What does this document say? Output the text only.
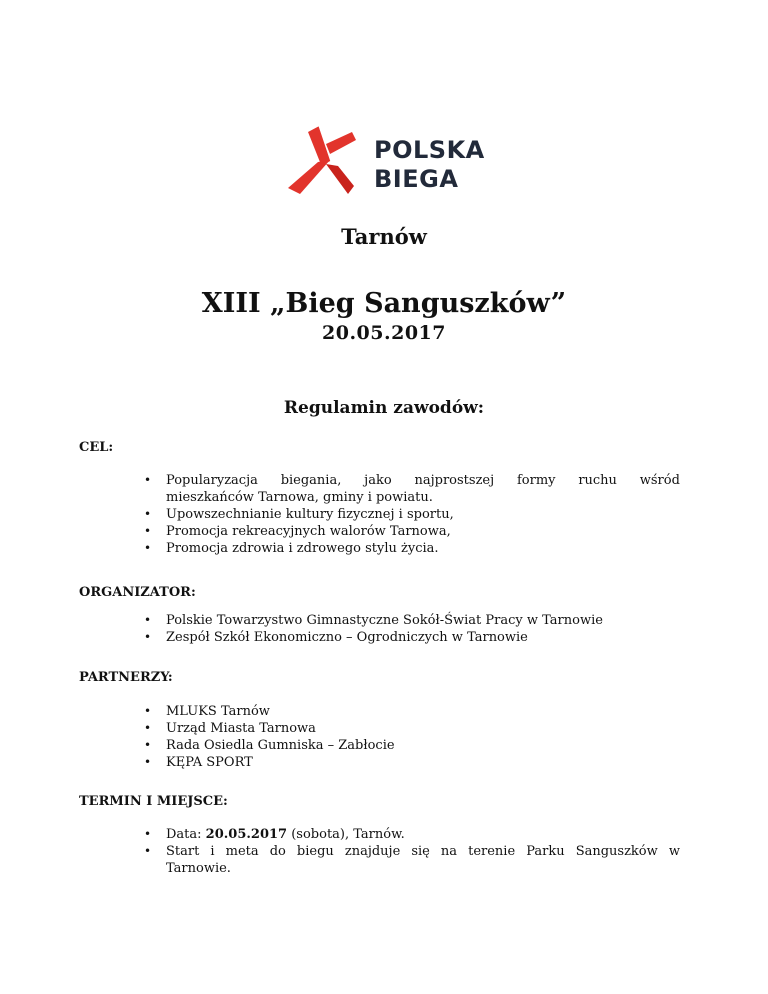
POLSKA
BIEGA
Tarnów
XIII „Bieg Sanguszków”
20.05.2017
Regulamin zawodów:
CEL:
• Popularyzacja biegania, jako najprostszej formy ruchu wśród
mieszkańców Tarnowa, gminy i powiatu.
• Upowszechnianie kultury fizycznej i sportu,
• Promocja rekreacyjnych walorów Tarnowa,
• Promocja zdrowia i zdrowego stylu życia.
ORGANIZATOR:
• Polskie Towarzystwo Gimnastyczne Sokół-Świat Pracy w Tarnowie
• Zespół Szkół Ekonomiczno – Ogrodniczych w Tarnowie
PARTNERZY:
• MLUKS Tarnów
• Urząd Miasta Tarnowa
• Rada Osiedla Gumniska – Zabłocie
• KĘPA SPORT
TERMIN I MIEJSCE:
• Data: 20.05.2017 (sobota), Tarnów.
• Start i meta do biegu znajduje się na terenie Parku Sanguszków w
Tarnowie.
